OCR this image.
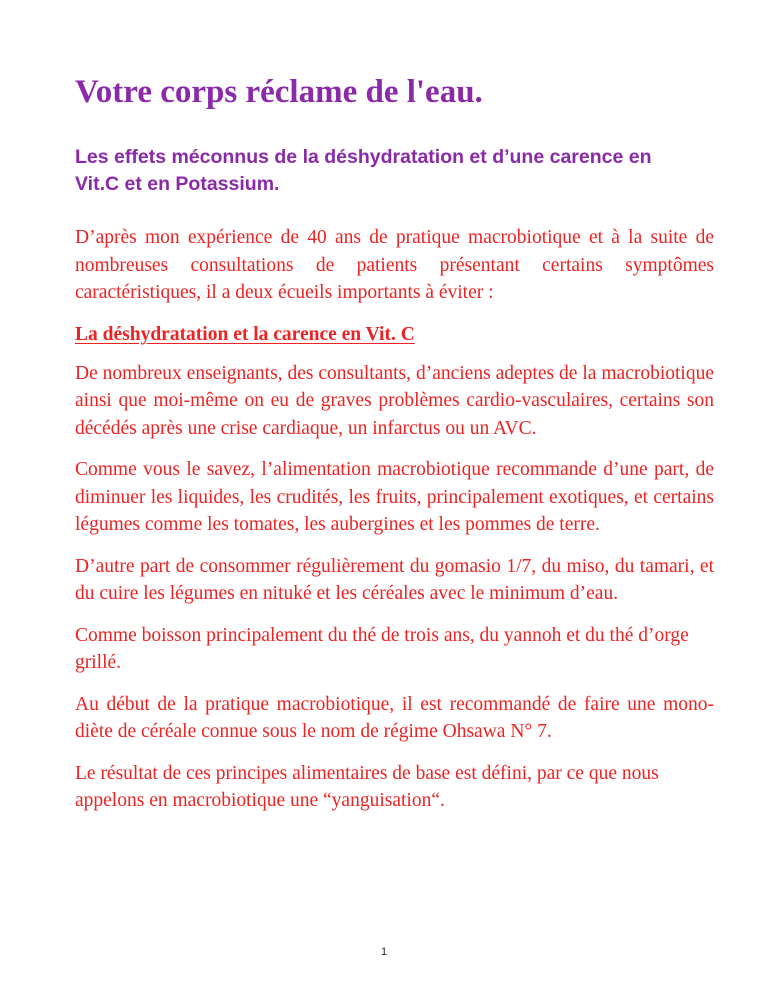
Votre corps réclame de l'eau.
Les effets méconnus de la déshydratation et d’une carence en Vit.C et en Potassium.

D’après mon expérience de 40 ans de pratique macrobiotique et à la suite de nombreuses consultations de patients présentant certains symptômes caractéristiques, il a deux écueils importants à éviter :

La déshydratation et la carence en Vit. C

De nombreux enseignants, des consultants, d’anciens adeptes de la macrobiotique ainsi que moi-même on eu de graves problèmes cardio-vasculaires, certains son décédés après une crise cardiaque, un infarctus ou un AVC.

Comme vous le savez, l’alimentation macrobiotique recommande d’une part, de diminuer les liquides, les crudités, les fruits, principalement exotiques, et certains légumes comme les tomates, les aubergines et les pommes de terre.

D’autre part de consommer régulièrement du gomasio 1/7, du miso, du tamari, et du cuire les légumes en nituké et les céréales avec le minimum d’eau.

Comme boisson principalement du thé de trois ans, du yannoh et du thé d’orge grillé.

Au début de la pratique macrobiotique, il est recommandé de faire une mono-diète de céréale connue sous le nom de régime Ohsawa N° 7.

Le résultat de ces principes alimentaires de base est défini, par ce que nous appelons en macrobiotique une “yanguisation“.

1
